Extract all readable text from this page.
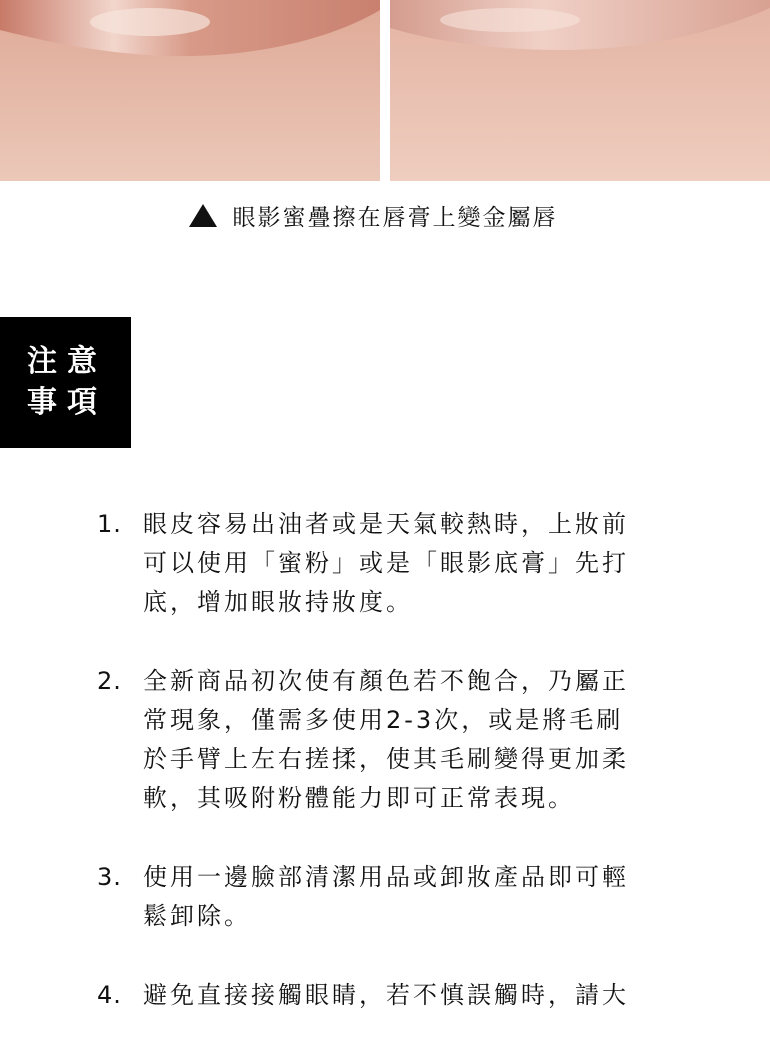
眼影蜜疊擦在唇膏上變金屬唇
注意
事項
1. 眼皮容易出油者或是天氣較熱時，上妝前可以使用「蜜粉」或是「眼影底膏」先打底，增加眼妝持妝度。
2. 全新商品初次使有顏色若不飽合，乃屬正常現象，僅需多使用2-3次，或是將毛刷於手臂上左右搓揉，使其毛刷變得更加柔軟，其吸附粉體能力即可正常表現。
3. 使用一邊臉部清潔用品或卸妝產品即可輕鬆卸除。
4. 避免直接接觸眼睛，若不慎誤觸時，請大
